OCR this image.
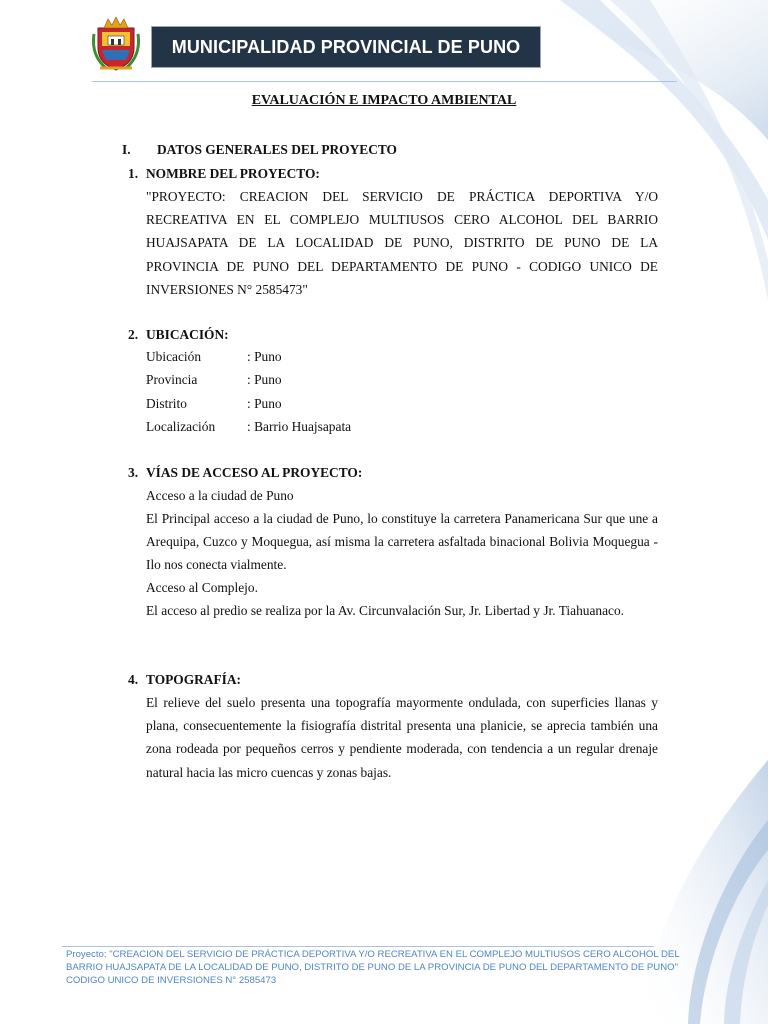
MUNICIPALIDAD PROVINCIAL DE PUNO
EVALUACIÓN E IMPACTO AMBIENTAL
I. DATOS GENERALES DEL PROYECTO
1. NOMBRE DEL PROYECTO:
"PROYECTO: CREACION DEL SERVICIO DE PRÁCTICA DEPORTIVA Y/O RECREATIVA EN EL COMPLEJO MULTIUSOS CERO ALCOHOL DEL BARRIO HUAJSAPATA DE LA LOCALIDAD DE PUNO, DISTRITO DE PUNO DE LA PROVINCIA DE PUNO DEL DEPARTAMENTO DE PUNO - CODIGO UNICO DE INVERSIONES N° 2585473"
2. UBICACIÓN:
Ubicación	: Puno
Provincia	: Puno
Distrito	: Puno
Localización : Barrio Huajsapata
3. VÍAS DE ACCESO AL PROYECTO:
Acceso a la ciudad de Puno
El Principal acceso a la ciudad de Puno, lo constituye la carretera Panamericana Sur que une a Arequipa, Cuzco y Moquegua, así misma la carretera asfaltada binacional Bolivia Moquegua - Ilo nos conecta vialmente.
Acceso al Complejo.
El acceso al predio se realiza por la Av. Circunvalación Sur, Jr. Libertad y Jr. Tiahuanaco.
4. TOPOGRAFÍA:
El relieve del suelo presenta una topografía mayormente ondulada, con superficies llanas y plana, consecuentemente la fisiografía distrital presenta una planicie, se aprecia también una zona rodeada por pequeños cerros y pendiente moderada, con tendencia a un regular drenaje natural hacia las micro cuencas y zonas bajas.
Proyecto: "CREACION DEL SERVICIO DE PRÁCTICA DEPORTIVA Y/O RECREATIVA EN EL COMPLEJO MULTIUSOS CERO ALCOHOL DEL
BARRIO HUAJSAPATA DE LA LOCALIDAD DE PUNO, DISTRITO DE PUNO DE LA PROVINCIA DE PUNO DEL DEPARTAMENTO DE PUNO"
CODIGO UNICO DE INVERSIONES N° 2585473
